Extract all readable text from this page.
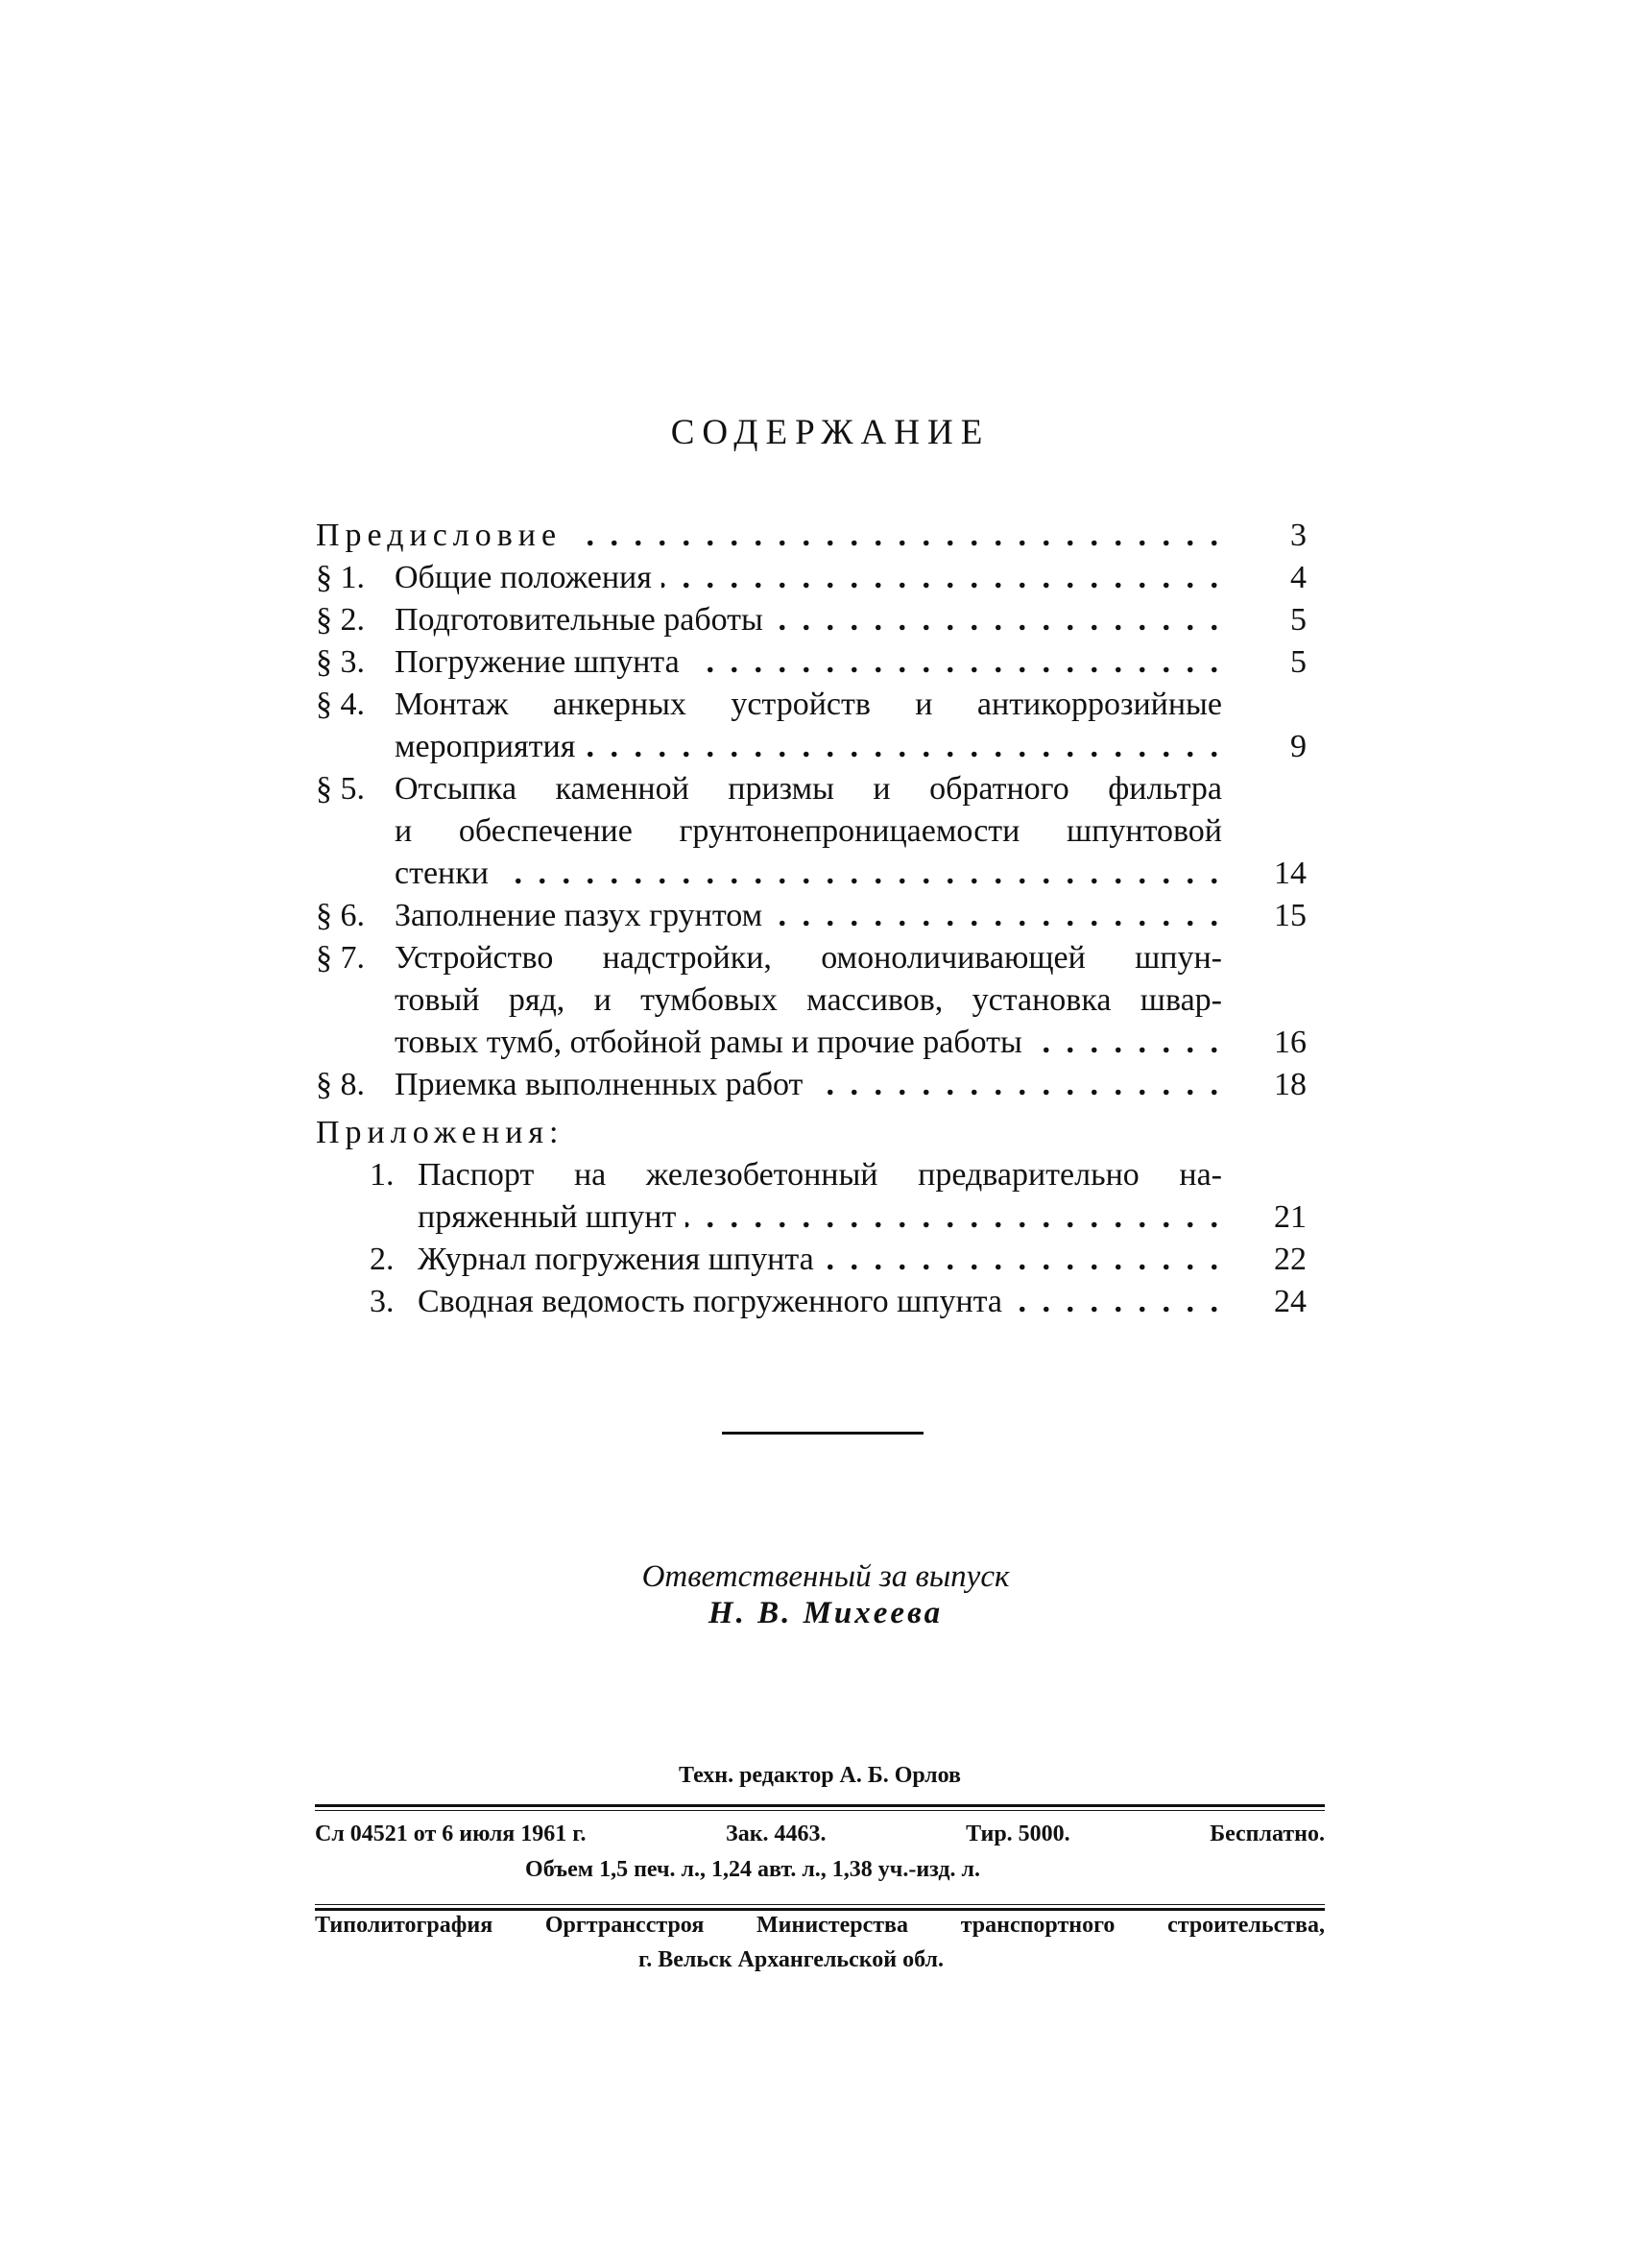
СОДЕРЖАНИЕ
Предисловие . . .	3
§ 1. Общие положения . . .	4
§ 2. Подготовительные работы . . .	5
§ 3. Погружение шпунта . . .	5
§ 4. Монтаж анкерных устройств и антикоррозийные
мероприятия . . .	9
§ 5. Отсыпка каменной призмы и обратного фильтра
и обеспечение грунтонепроницаемости шпунтовой
стенки . . .	14
§ 6. Заполнение пазух грунтом . . .	15
§ 7. Устройство надстройки, омоноличивающей шпун-
товый ряд, и тумбовых массивов, установка швар-
товых тумб, отбойной рамы и прочие работы . . .	16
§ 8. Приемка выполненных работ . . .	18
Приложения:
1. Паспорт на железобетонный предварительно на-
пряженный шпунт . . .	21
2. Журнал погружения шпунта . . .	22
3. Сводная ведомость погруженного шпунта . . .	24
Ответственный за выпуск
Н. В. Михеева
Техн. редактор А. Б. Орлов
Сл 04521 от 6 июля 1961 г.	Зак. 4463.	Тир. 5000.	Бесплатно.
Объем 1,5 печ. л., 1,24 авт. л., 1,38 уч.-изд. л.
Типолитография Оргтрансстроя Министерства транспортного строительства,
г. Вельск Архангельской обл.
